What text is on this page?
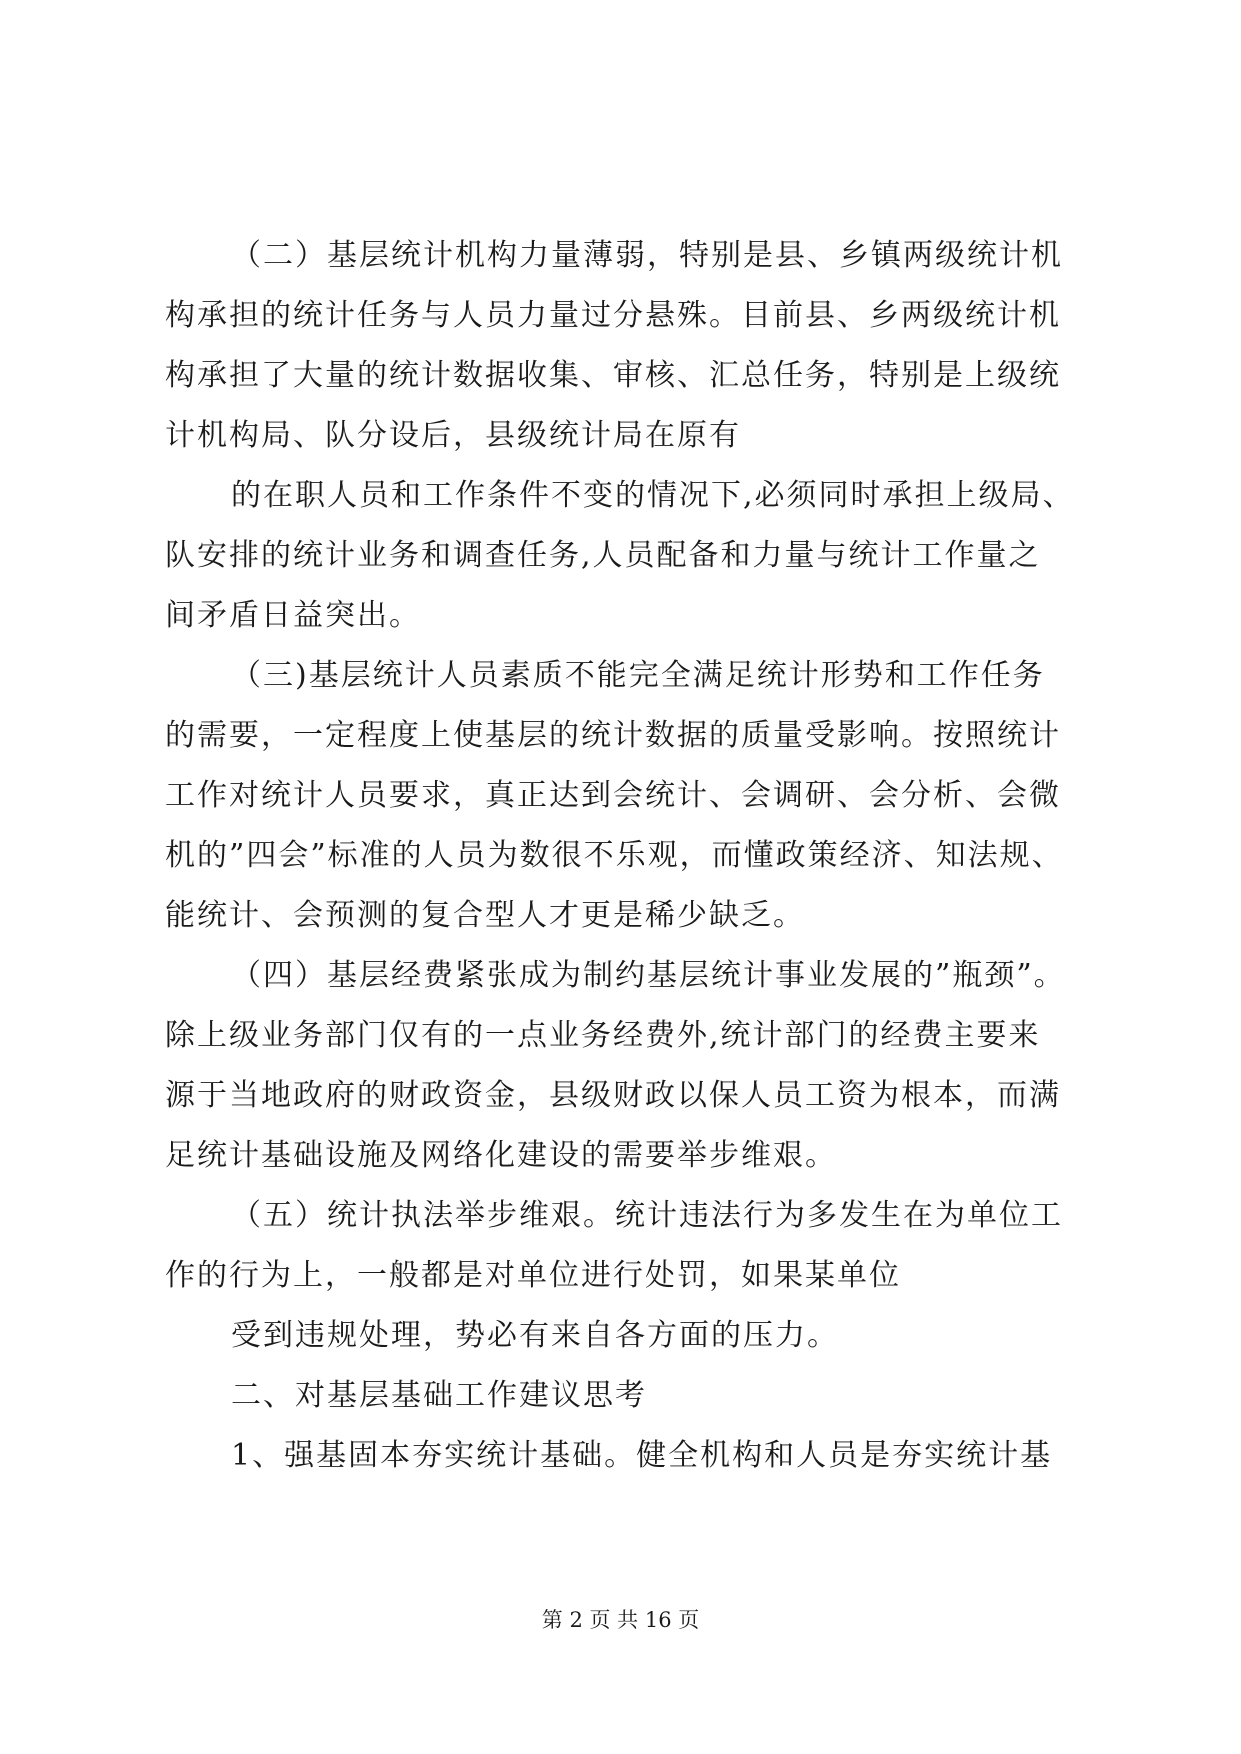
（二）基层统计机构力量薄弱，特别是县、乡镇两级统计机
构承担的统计任务与人员力量过分悬殊。目前县、乡两级统计机
构承担了大量的统计数据收集、审核、汇总任务，特别是上级统
计机构局、队分设后，县级统计局在原有
的在职人员和工作条件不变的情况下,必须同时承担上级局、
队安排的统计业务和调查任务,人员配备和力量与统计工作量之
间矛盾日益突出。
（三)基层统计人员素质不能完全满足统计形势和工作任务
的需要，一定程度上使基层的统计数据的质量受影响。按照统计
工作对统计人员要求，真正达到会统计、会调研、会分析、会微
机的”四会”标准的人员为数很不乐观，而懂政策经济、知法规、
能统计、会预测的复合型人才更是稀少缺乏。
（四）基层经费紧张成为制约基层统计事业发展的”瓶颈”。
除上级业务部门仅有的一点业务经费外,统计部门的经费主要来
源于当地政府的财政资金，县级财政以保人员工资为根本，而满
足统计基础设施及网络化建设的需要举步维艰。
（五）统计执法举步维艰。统计违法行为多发生在为单位工
作的行为上，一般都是对单位进行处罚，如果某单位
受到违规处理，势必有来自各方面的压力。
二、对基层基础工作建议思考
1、强基固本夯实统计基础。健全机构和人员是夯实统计基
第 2 页 共 16 页
